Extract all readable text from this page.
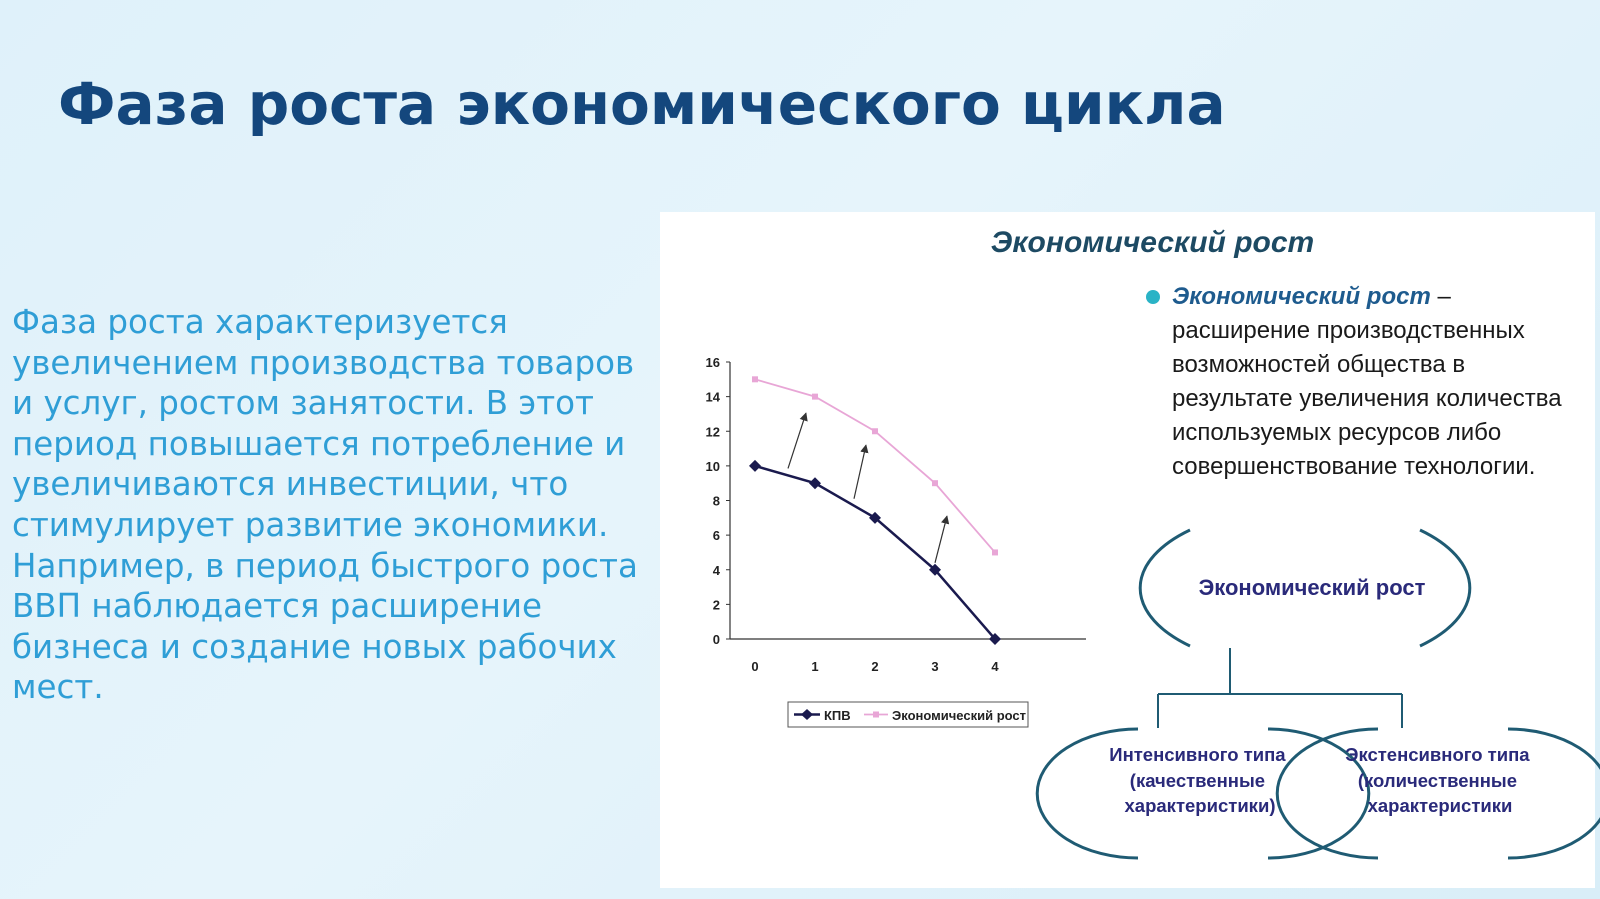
Фаза роста экономического цикла

Фаза роста характеризуется увеличением производства товаров и услуг, ростом занятости. В этот период повышается потребление и увеличиваются инвестиции, что стимулирует развитие экономики. Например, в период быстрого роста ВВП наблюдается расширение бизнеса и создание новых рабочих мест.

Экономический рост

Экономический рост –
расширение производственных возможностей общества в результате увеличения количества используемых ресурсов либо совершенствование технологии.

0
2
4
6
8
10
12
14
16
0	1	2	3	4
КПВ	Экономический рост
Экономический рост
Интенсивного типа (качественные характеристики)
Экстенсивного типа (количественные характеристики
